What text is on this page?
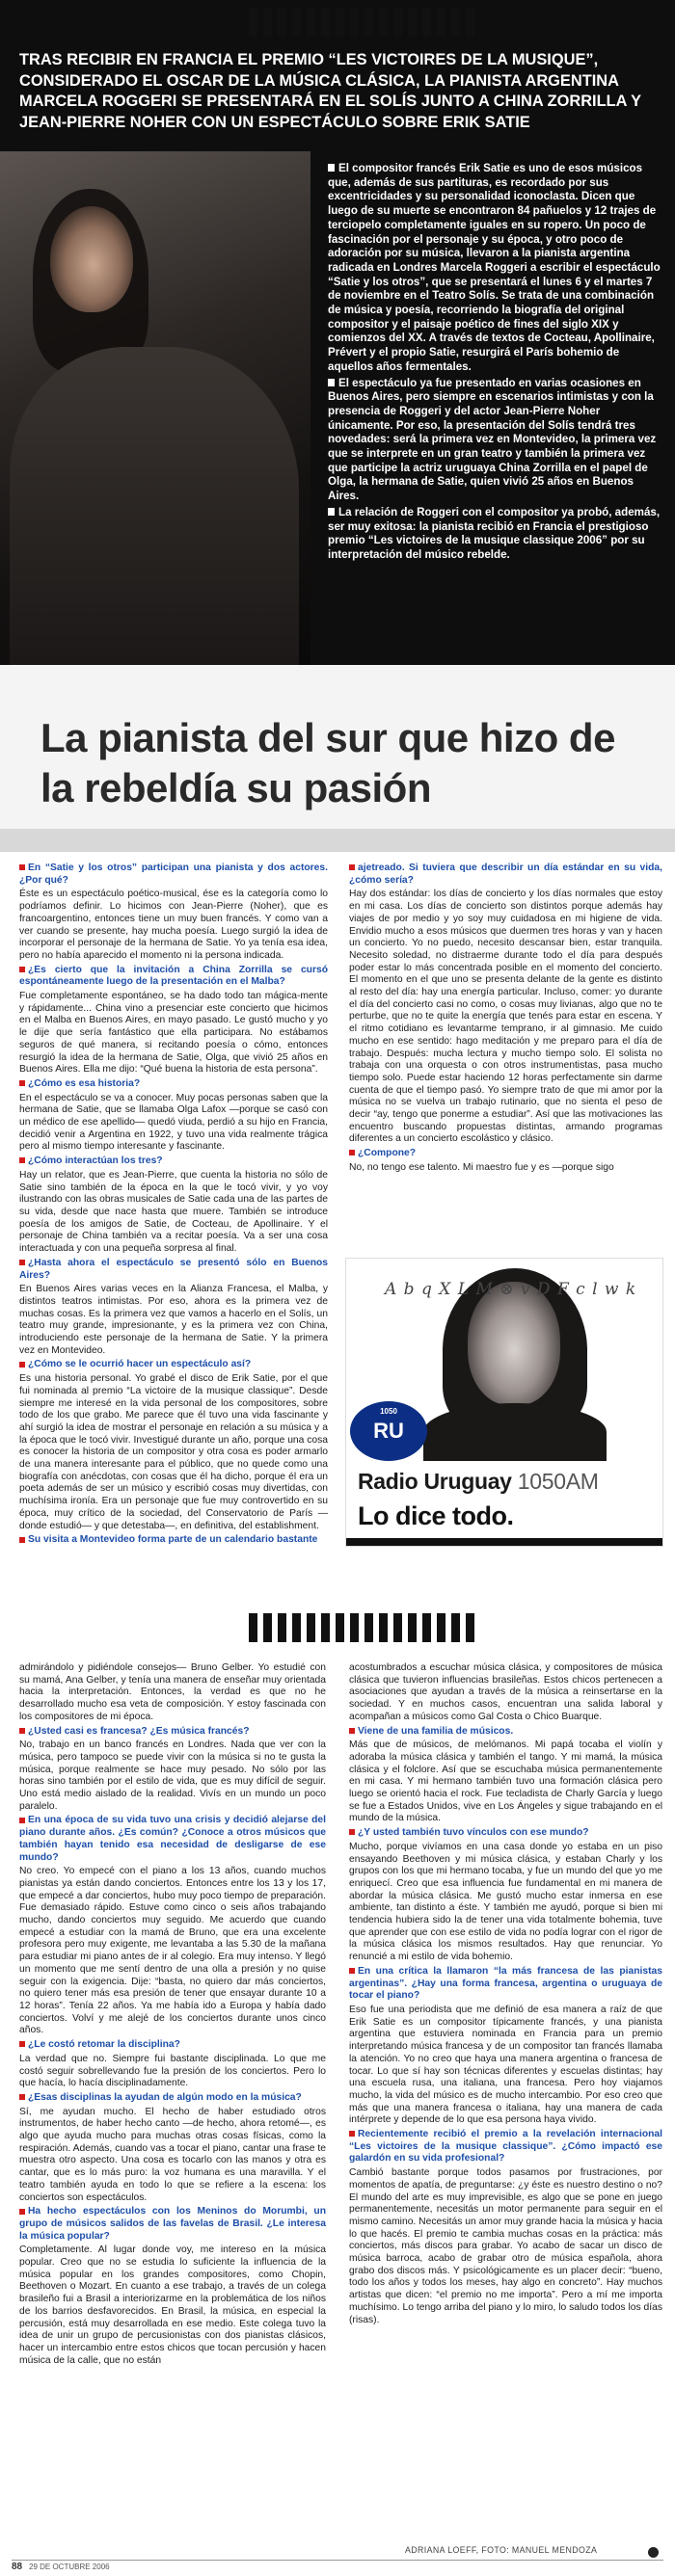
TRAS RECIBIR EN FRANCIA EL PREMIO “LES VICTOIRES DE LA MUSIQUE”, CONSIDERADO EL OSCAR DE LA MÚSICA CLÁSICA, LA PIANISTA ARGENTINA MARCELA ROGGERI SE PRESENTARÁ EN EL SOLÍS JUNTO A CHINA ZORRILLA Y JEAN-PIERRE NOHER CON UN ESPECTÁCULO SOBRE ERIK SATIE

El compositor francés Erik Satie es uno de esos músicos que, además de sus partituras, es recordado por sus excentricidades y su personalidad iconoclasta. Dicen que luego de su muerte se encontraron 84 pañuelos y 12 trajes de terciopelo completamente iguales en su ropero. Un poco de fascinación por el personaje y su época, y otro poco de adoración por su música, llevaron a la pianista argentina radicada en Londres Marcela Roggeri a escribir el espectáculo “Satie y los otros”, que se presentará el lunes 6 y el martes 7 de noviembre en el Teatro Solís. Se trata de una combinación de música y poesía, recorriendo la biografía del original compositor y el paisaje poético de fines del siglo XIX y comienzos del XX. A través de textos de Cocteau, Apollinaire, Prévert y el propio Satie, resurgirá el París bohemio de aquellos años fermentales.

El espectáculo ya fue presentado en varias ocasiones en Buenos Aires, pero siempre en escenarios intimistas y con la presencia de Roggeri y del actor Jean-Pierre Noher únicamente. Por eso, la presentación del Solís tendrá tres novedades: será la primera vez en Montevideo, la primera vez que se interprete en un gran teatro y también la primera vez que participe la actriz uruguaya China Zorrilla en el papel de Olga, la hermana de Satie, quien vivió 25 años en Buenos Aires.

La relación de Roggeri con el compositor ya probó, además, ser muy exitosa: la pianista recibió en Francia el prestigioso premio “Les victoires de la musique classique 2006” por su interpretación del músico rebelde.

La pianista del sur que hizo de la rebeldía su pasión

En “Satie y los otros” participan una pianista y dos actores. ¿Por qué?

Éste es un espectáculo poético-musical, ése es la categoría como lo podríamos definir. Lo hicimos con Jean-Pierre (Noher), que es francoargentino, entonces tiene un muy buen francés. Y como van a ver cuando se presente, hay mucha poesía. Luego surgió la idea de incorporar el personaje de la hermana de Satie. Yo ya tenía esa idea, pero no había aparecido el momento ni la persona indicada.

¿Es cierto que la invitación a China Zorrilla se cursó espontáneamente luego de la presentación en el Malba?

Fue completamente espontáneo, se ha dado todo tan mágica-mente y rápidamente... China vino a presenciar este concierto que hicimos en el Malba en Buenos Aires, en mayo pasado. Le gustó mucho y yo le dije que sería fantástico que ella participara. No estábamos seguros de qué manera, si recitando poesía o cómo, entonces resurgió la idea de la hermana de Satie, Olga, que vivió 25 años en Buenos Aires. Ella me dijo: “Qué buena la historia de esta persona”.

¿Cómo es esa historia?

En el espectáculo se va a conocer. Muy pocas personas saben que la hermana de Satie, que se llamaba Olga Lafox —porque se casó con un médico de ese apellido— quedó viuda, perdió a su hijo en Francia, decidió venir a Argentina en 1922, y tuvo una vida realmente trágica pero al mismo tiempo interesante y fascinante.

¿Cómo interactúan los tres?

Hay un relator, que es Jean-Pierre, que cuenta la historia no sólo de Satie sino también de la época en la que le tocó vivir, y yo voy ilustrando con las obras musicales de Satie cada una de las partes de su vida, desde que nace hasta que muere. También se introduce poesía de los amigos de Satie, de Cocteau, de Apollinaire. Y el personaje de China también va a recitar poesía. Va a ser una cosa interactuada y con una pequeña sorpresa al final.

¿Hasta ahora el espectáculo se presentó sólo en Buenos Aires?

En Buenos Aires varias veces en la Alianza Francesa, el Malba, y distintos teatros intimistas. Por eso, ahora es la primera vez de muchas cosas. Es la primera vez que vamos a hacerlo en el Solís, un teatro muy grande, impresionante, y es la primera vez con China, introduciendo este personaje de la hermana de Satie. Y la primera vez en Montevideo.

¿Cómo se le ocurrió hacer un espectáculo así?

Es una historia personal. Yo grabé el disco de Erik Satie, por el que fui nominada al premio “La victoire de la musique classique”. Desde siempre me interesé en la vida personal de los compositores, sobre todo de los que grabo. Me parece que él tuvo una vida fascinante y ahí surgió la idea de mostrar el personaje en relación a su música y a la época que le tocó vivir. Investigué durante un año, porque una cosa es conocer la historia de un compositor y otra cosa es poder armarlo de una manera interesante para el público, que no quede como una biografía con anécdotas, con cosas que él ha dicho, porque él era un poeta además de ser un músico y escribió cosas muy divertidas, con muchísima ironía. Era un personaje que fue muy controvertido en su época, muy crítico de la sociedad, del Conservatorio de París —donde estudió— y que detestaba—, en definitiva, del establishment.

Su visita a Montevideo forma parte de un calendario bastante

ajetreado. Si tuviera que describir un día estándar en su vida, ¿cómo sería?

Hay dos estándar: los días de concierto y los días normales que estoy en mi casa. Los días de concierto son distintos porque además hay viajes de por medio y yo soy muy cuidadosa en mi higiene de vida. Envidio mucho a esos músicos que duermen tres horas y van y hacen un concierto. Yo no puedo, necesito descansar bien, estar tranquila. Necesito soledad, no distraerme durante todo el día para después poder estar lo más concentrada posible en el momento del concierto. El momento en el que uno se presenta delante de la gente es distinto al resto del día: hay una energía particular. Incluso, comer: yo durante el día del concierto casi no como, o cosas muy livianas, algo que no te perturbe, que no te quite la energía que tenés para estar en escena. Y el ritmo cotidiano es levantarme temprano, ir al gimnasio. Me cuido mucho en ese sentido: hago meditación y me preparo para el día de trabajo. Después: mucha lectura y mucho tiempo solo. El solista no trabaja con una orquesta o con otros instrumentistas, pasa mucho tiempo solo. Puede estar haciendo 12 horas perfectamente sin darme cuenta de que el tiempo pasó. Yo siempre trato de que mi amor por la música no se vuelva un trabajo rutinario, que no sienta el peso de decir “ay, tengo que ponerme a estudiar”. Así que las motivaciones las encuentro buscando propuestas distintas, armando programas diferentes a un concierto escolástico y clásico.

¿Compone?

No, no tengo ese talento. Mi maestro fue y es —porque sigo

A b q X L M ⊗ v D F c l w k
1050
RU
Radio Uruguay 1050AM
Lo dice todo.

admirándolo y pidiéndole consejos— Bruno Gelber. Yo estudié con su mamá, Ana Gelber, y tenía una manera de enseñar muy orientada hacia la interpretación. Entonces, la verdad es que no he desarrollado mucho esa veta de composición. Y estoy fascinada con los compositores de mi época.

¿Usted casi es francesa? ¿Es música francés?

No, trabajo en un banco francés en Londres. Nada que ver con la música, pero tampoco se puede vivir con la música si no te gusta la música, porque realmente se hace muy pesado. No sólo por las horas sino también por el estilo de vida, que es muy difícil de seguir. Uno está medio aislado de la realidad. Vivís en un mundo un poco paralelo.

En una época de su vida tuvo una crisis y decidió alejarse del piano durante años. ¿Es común? ¿Conoce a otros músicos que también hayan tenido esa necesidad de desligarse de ese mundo?

No creo. Yo empecé con el piano a los 13 años, cuando muchos pianistas ya están dando conciertos. Entonces entre los 13 y los 17, que empecé a dar conciertos, hubo muy poco tiempo de preparación. Fue demasiado rápido. Estuve como cinco o seis años trabajando mucho, dando conciertos muy seguido. Me acuerdo que cuando empecé a estudiar con la mamá de Bruno, que era una excelente profesora pero muy exigente, me levantaba a las 5.30 de la mañana para estudiar mi piano antes de ir al colegio. Era muy intenso. Y llegó un momento que me sentí dentro de una olla a presión y no quise seguir con la exigencia. Dije: “basta, no quiero dar más conciertos, no quiero tener más esa presión de tener que ensayar durante 10 a 12 horas”. Tenía 22 años. Ya me había ido a Europa y había dado conciertos. Volví y me alejé de los conciertos durante unos cinco años.

¿Le costó retomar la disciplina?

La verdad que no. Siempre fui bastante disciplinada. Lo que me costó seguir sobrellevando fue la presión de los conciertos. Pero lo que hacía, lo hacía disciplinadamente.

¿Esas disciplinas la ayudan de algún modo en la música?

Sí, me ayudan mucho. El hecho de haber estudiado otros instrumentos, de haber hecho canto —de hecho, ahora retomé—, es algo que ayuda mucho para muchas otras cosas físicas, como la respiración. Además, cuando vas a tocar el piano, cantar una frase te muestra otro aspecto. Una cosa es tocarlo con las manos y otra es cantar, que es lo más puro: la voz humana es una maravilla. Y el teatro también ayuda en todo lo que se refiere a la escena: los conciertos son espectáculos.

Ha hecho espectáculos con los Meninos do Morumbi, un grupo de músicos salidos de las favelas de Brasil. ¿Le interesa la música popular?

Completamente. Al lugar donde voy, me intereso en la música popular. Creo que no se estudia lo suficiente la influencia de la música popular en los grandes compositores, como Chopin, Beethoven o Mozart. En cuanto a ese trabajo, a través de un colega brasileño fui a Brasil a interiorizarme en la problemática de los niños de los barrios desfavorecidos. En Brasil, la música, en especial la percusión, está muy desarrollada en ese medio. Este colega tuvo la idea de unir un grupo de percusionistas con dos pianistas clásicos, hacer un intercambio entre estos chicos que tocan percusión y hacen música de la calle, que no están

acostumbrados a escuchar música clásica, y compositores de música clásica que tuvieron influencias brasileñas. Estos chicos pertenecen a asociaciones que ayudan a través de la música a reinsertarse en la sociedad. Y en muchos casos, encuentran una salida laboral y acompañan a músicos como Gal Costa o Chico Buarque.

Viene de una familia de músicos.

Más que de músicos, de melómanos. Mi papá tocaba el violín y adoraba la música clásica y también el tango. Y mi mamá, la música clásica y el folclore. Así que se escuchaba música permanentemente en mi casa. Y mi hermano también tuvo una formación clásica pero luego se orientó hacia el rock. Fue tecladista de Charly García y luego se fue a Estados Unidos, vive en Los Ángeles y sigue trabajando en el mundo de la música.

¿Y usted también tuvo vínculos con ese mundo?

Mucho, porque vivíamos en una casa donde yo estaba en un piso ensayando Beethoven y mi música clásica, y estaban Charly y los grupos con los que mi hermano tocaba, y fue un mundo del que yo me enriquecí. Creo que esa influencia fue fundamental en mi manera de abordar la música clásica. Me gustó mucho estar inmersa en ese ambiente, tan distinto a éste. Y también me ayudó, porque si bien mi tendencia hubiera sido la de tener una vida totalmente bohemia, tuve que aprender que con ese estilo de vida no podía lograr con el rigor de la música clásica los mismos resultados. Hay que renunciar. Yo renuncié a mi estilo de vida bohemio.

En una crítica la llamaron “la más francesa de las pianistas argentinas”. ¿Hay una forma francesa, argentina o uruguaya de tocar el piano?

Eso fue una periodista que me definió de esa manera a raíz de que Erik Satie es un compositor típicamente francés, y una pianista argentina que estuviera nominada en Francia para un premio interpretando música francesa y de un compositor tan francés llamaba la atención. Yo no creo que haya una manera argentina o francesa de tocar. Lo que sí hay son técnicas diferentes y escuelas distintas; hay una escuela rusa, una italiana, una francesa. Pero hoy viajamos mucho, la vida del músico es de mucho intercambio. Por eso creo que más que una manera francesa o italiana, hay una manera de cada intérprete y depende de lo que esa persona haya vivido.

Recientemente recibió el premio a la revelación internacional “Les victoires de la musique classique”. ¿Cómo impactó ese galardón en su vida profesional?

Cambió bastante porque todos pasamos por frustraciones, por momentos de apatía, de preguntarse: ¿y éste es nuestro destino o no? El mundo del arte es muy imprevisible, es algo que se pone en juego permanentemente, necesitás un motor permanente para seguir en el mismo camino. Necesitás un amor muy grande hacia la música y hacia lo que hacés. El premio te cambia muchas cosas en la práctica: más conciertos, más discos para grabar. Yo acabo de sacar un disco de música barroca, acabo de grabar otro de música española, ahora grabo dos discos más. Y psicológicamente es un placer decir: “bueno, todo los años y todos los meses, hay algo en concreto”. Hay muchos artistas que dicen: “el premio no me importa”. Pero a mí me importa muchísimo. Lo tengo arriba del piano y lo miro, lo saludo todos los días (risas).

ADRIANA LOEFF, FOTO: MANUEL MENDOZA
88 29 DE OCTUBRE 2006
